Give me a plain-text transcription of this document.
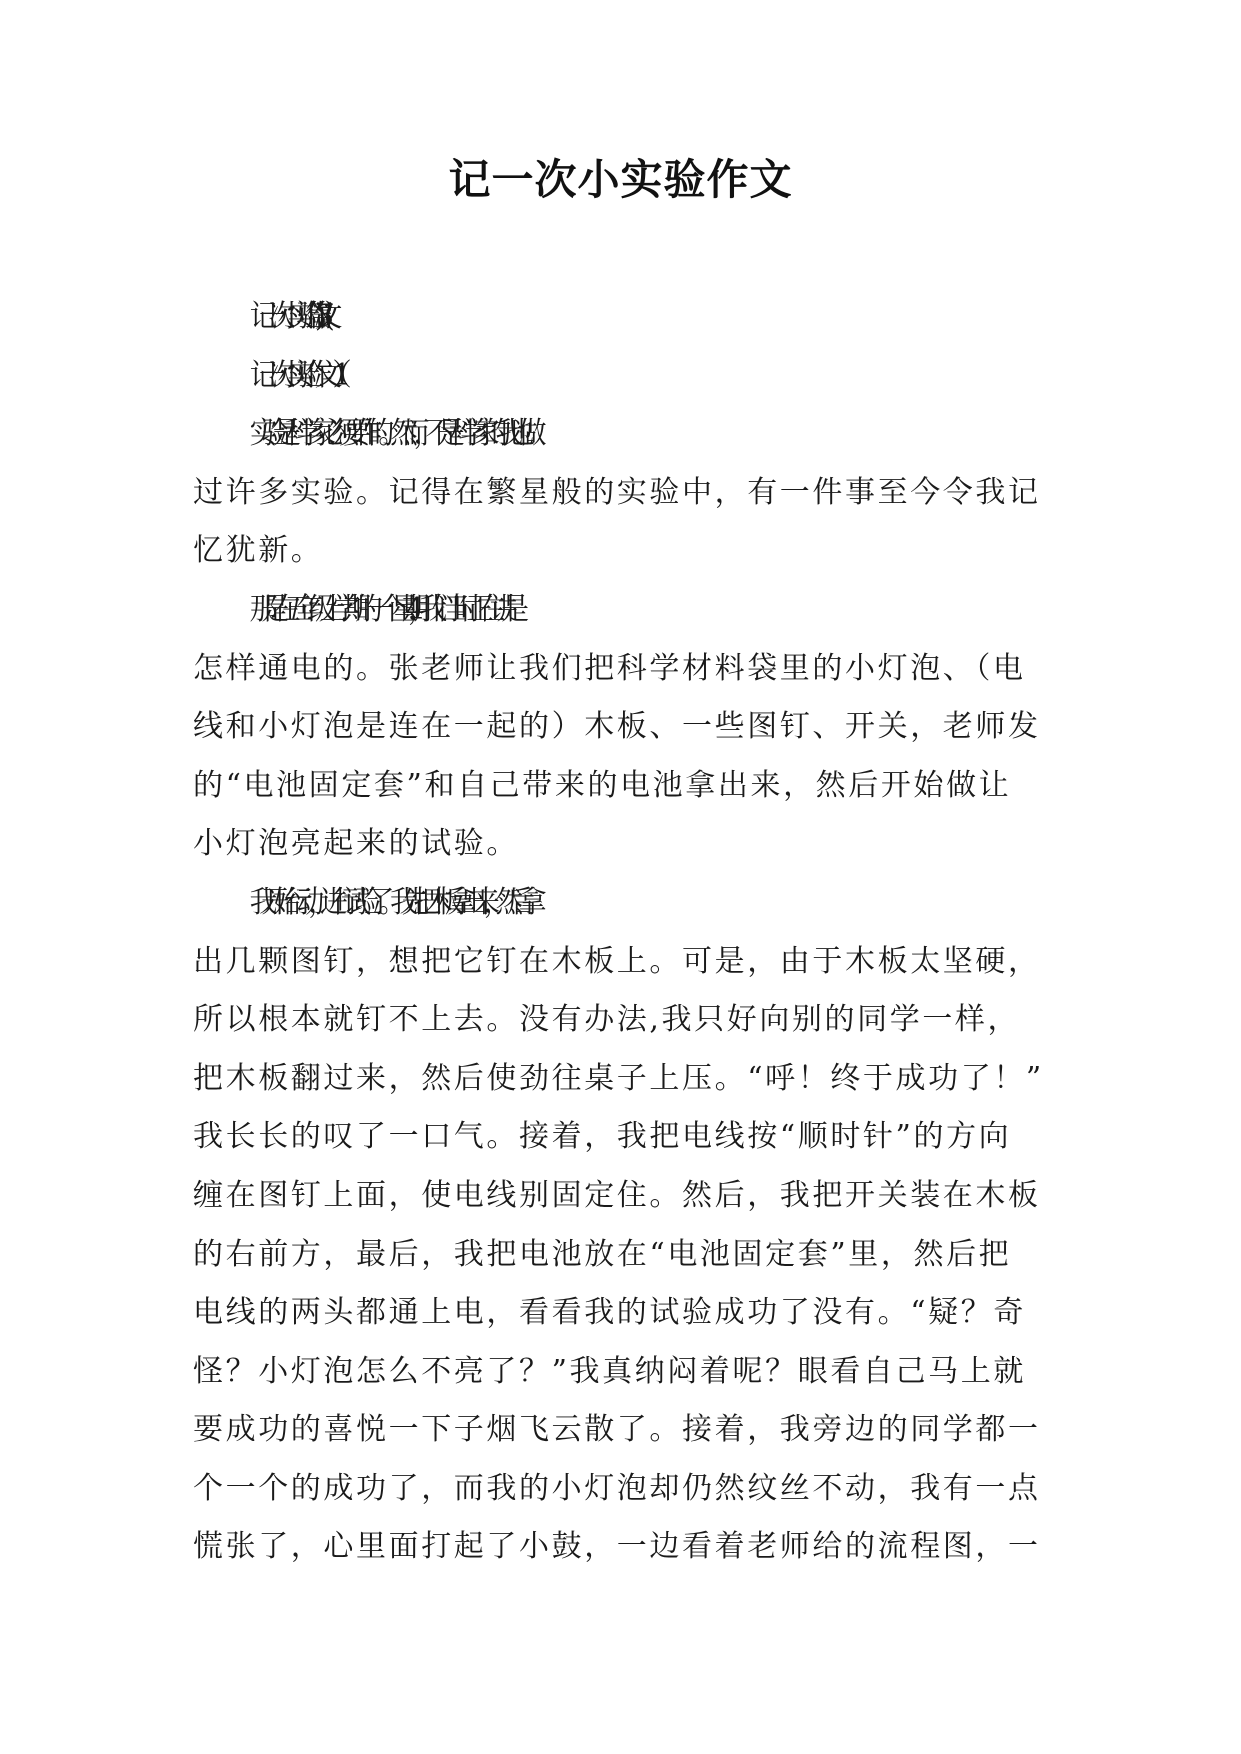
记一次小实验作文
记一次小实验作文(3 篇)
记一次小实验作文（1）
实验是科学家必须要作的。然而，不是科学家的我也做
过许多实验。记得在繁星般的实验中，有一件事至今令我记
忆犹新。
那是在五年级上学期的一个星期 4，我们当时正在讲是
怎样通电的。张老师让我们把科学材料袋里的小灯泡、（电
线和小灯泡是连在一起的）木板、一些图钉、开关，老师发
的“电池固定套”和自己带来的电池拿出来，然后开始做让
小灯泡亮起来的试验。
我开始行动，进行试验了。我先把木板拿出来，然后拿
出几颗图钉，想把它钉在木板上。可是，由于木板太坚硬，
所以根本就钉不上去。没有办法,我只好向别的同学一样，
把木板翻过来，然后使劲往桌子上压。“呼！终于成功了！”
我长长的叹了一口气。接着，我把电线按“顺时针”的方向
缠在图钉上面，使电线别固定住。然后，我把开关装在木板
的右前方，最后，我把电池放在“电池固定套”里，然后把
电线的两头都通上电，看看我的试验成功了没有。“疑？奇
怪？小灯泡怎么不亮了？”我真纳闷着呢？眼看自己马上就
要成功的喜悦一下子烟飞云散了。接着，我旁边的同学都一
个一个的成功了，而我的小灯泡却仍然纹丝不动，我有一点
慌张了，心里面打起了小鼓，一边看着老师给的流程图，一
